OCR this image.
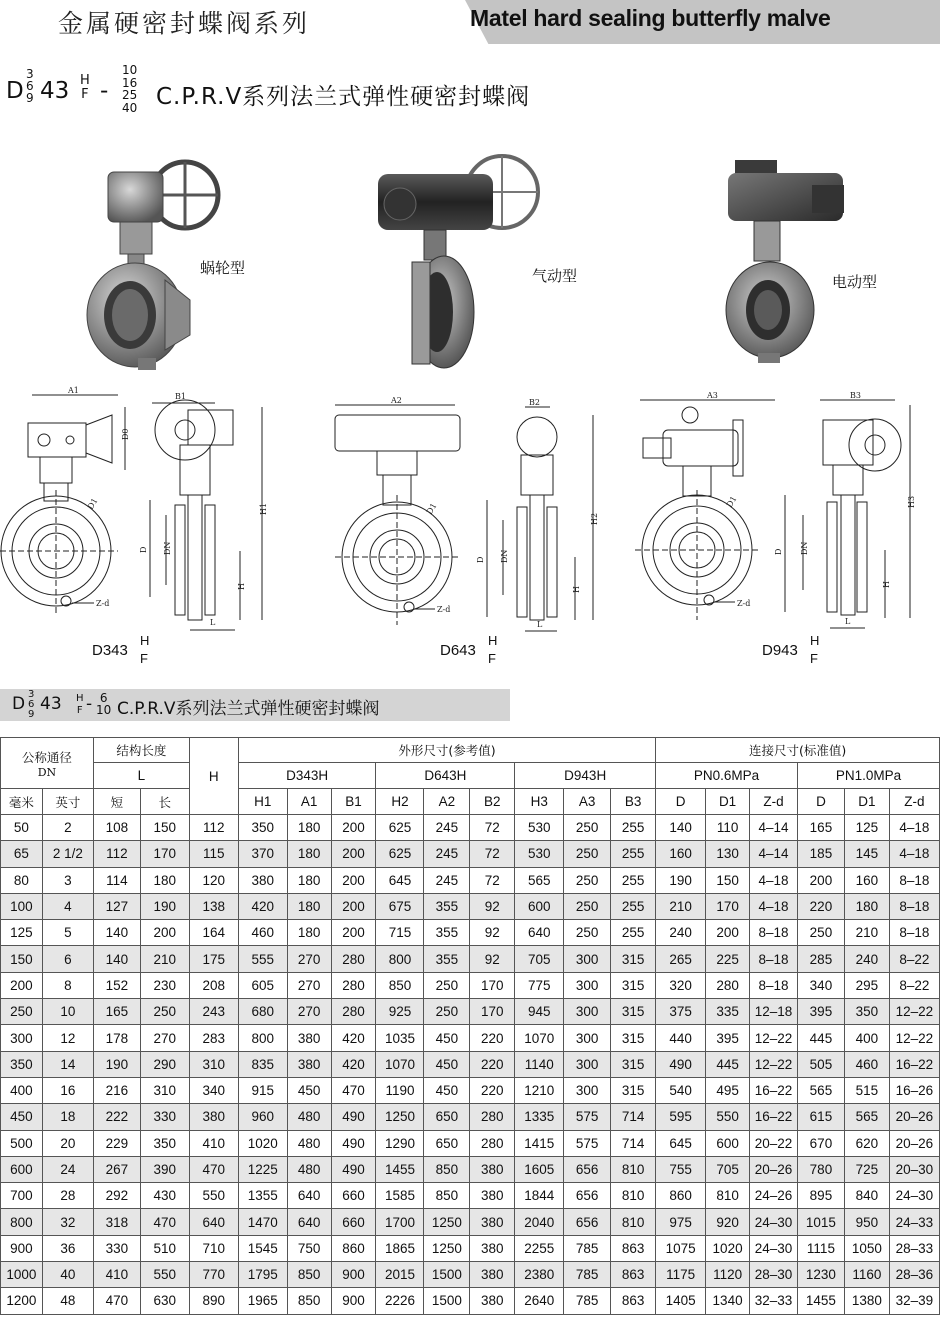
金属硬密封蝶阀系列	Matel hard sealing butterfly malve
D
3
6
9 43 H
F -
10
16
25
40 C.P.R.V系列法兰式弹性硬密封蝶阀
蜗轮型	气动型	电动型
A1
Z-d
D1
D0
B1
D DN
H1
H
L
D343
H
F
A2
Z-d
D1
B2
D DN
H2
H
L
D643
H
F
A3
Z-d
D1
B3
D DN
H3
H
L
D943
H
F
D 3
6
9
43 H
F - 6
10 C.P.R.V系列法兰式弹性硬密封蝶阀
公称通径
DN		结构长度		H	外形尺寸(参考值)									连接尺寸(标准值)					
		L			D343H			D643H			D943H			PN0.6MPa			PN1.0MPa		
毫米	英寸	短	长		H1	A1	B1	H2	A2	B2	H3	A3	B3	D	D1	Z-d	D	D1	Z-d
50	2	108	150	112	350	180	200	625	245	72	530	250	255	140	110	4–14	165	125	4–18
65	2 1/2	112	170	115	370	180	200	625	245	72	530	250	255	160	130	4–14	185	145	4–18
80	3	114	180	120	380	180	200	645	245	72	565	250	255	190	150	4–18	200	160	8–18
100	4	127	190	138	420	180	200	675	355	92	600	250	255	210	170	4–18	220	180	8–18
125	5	140	200	164	460	180	200	715	355	92	640	250	255	240	200	8–18	250	210	8–18
150	6	140	210	175	555	270	280	800	355	92	705	300	315	265	225	8–18	285	240	8–22
200	8	152	230	208	605	270	280	850	250	170	775	300	315	320	280	8–18	340	295	8–22
250	10	165	250	243	680	270	280	925	250	170	945	300	315	375	335	12–18	395	350	12–22
300	12	178	270	283	800	380	420	1035	450	220	1070	300	315	440	395	12–22	445	400	12–22
350	14	190	290	310	835	380	420	1070	450	220	1140	300	315	490	445	12–22	505	460	16–22
400	16	216	310	340	915	450	470	1190	450	220	1210	300	315	540	495	16–22	565	515	16–26
450	18	222	330	380	960	480	490	1250	650	280	1335	575	714	595	550	16–22	615	565	20–26
500	20	229	350	410	1020	480	490	1290	650	280	1415	575	714	645	600	20–22	670	620	20–26
600	24	267	390	470	1225	480	490	1455	850	380	1605	656	810	755	705	20–26	780	725	20–30
700	28	292	430	550	1355	640	660	1585	850	380	1844	656	810	860	810	24–26	895	840	24–30
800	32	318	470	640	1470	640	660	1700	1250	380	2040	656	810	975	920	24–30	1015	950	24–33
900	36	330	510	710	1545	750	860	1865	1250	380	2255	785	863	1075	1020	24–30	1115	1050	28–33
1000	40	410	550	770	1795	850	900	2015	1500	380	2380	785	863	1175	1120	28–30	1230	1160	28–36
1200	48	470	630	890	1965	850	900	2226	1500	380	2640	785	863	1405	1340	32–33	1455	1380	32–39
